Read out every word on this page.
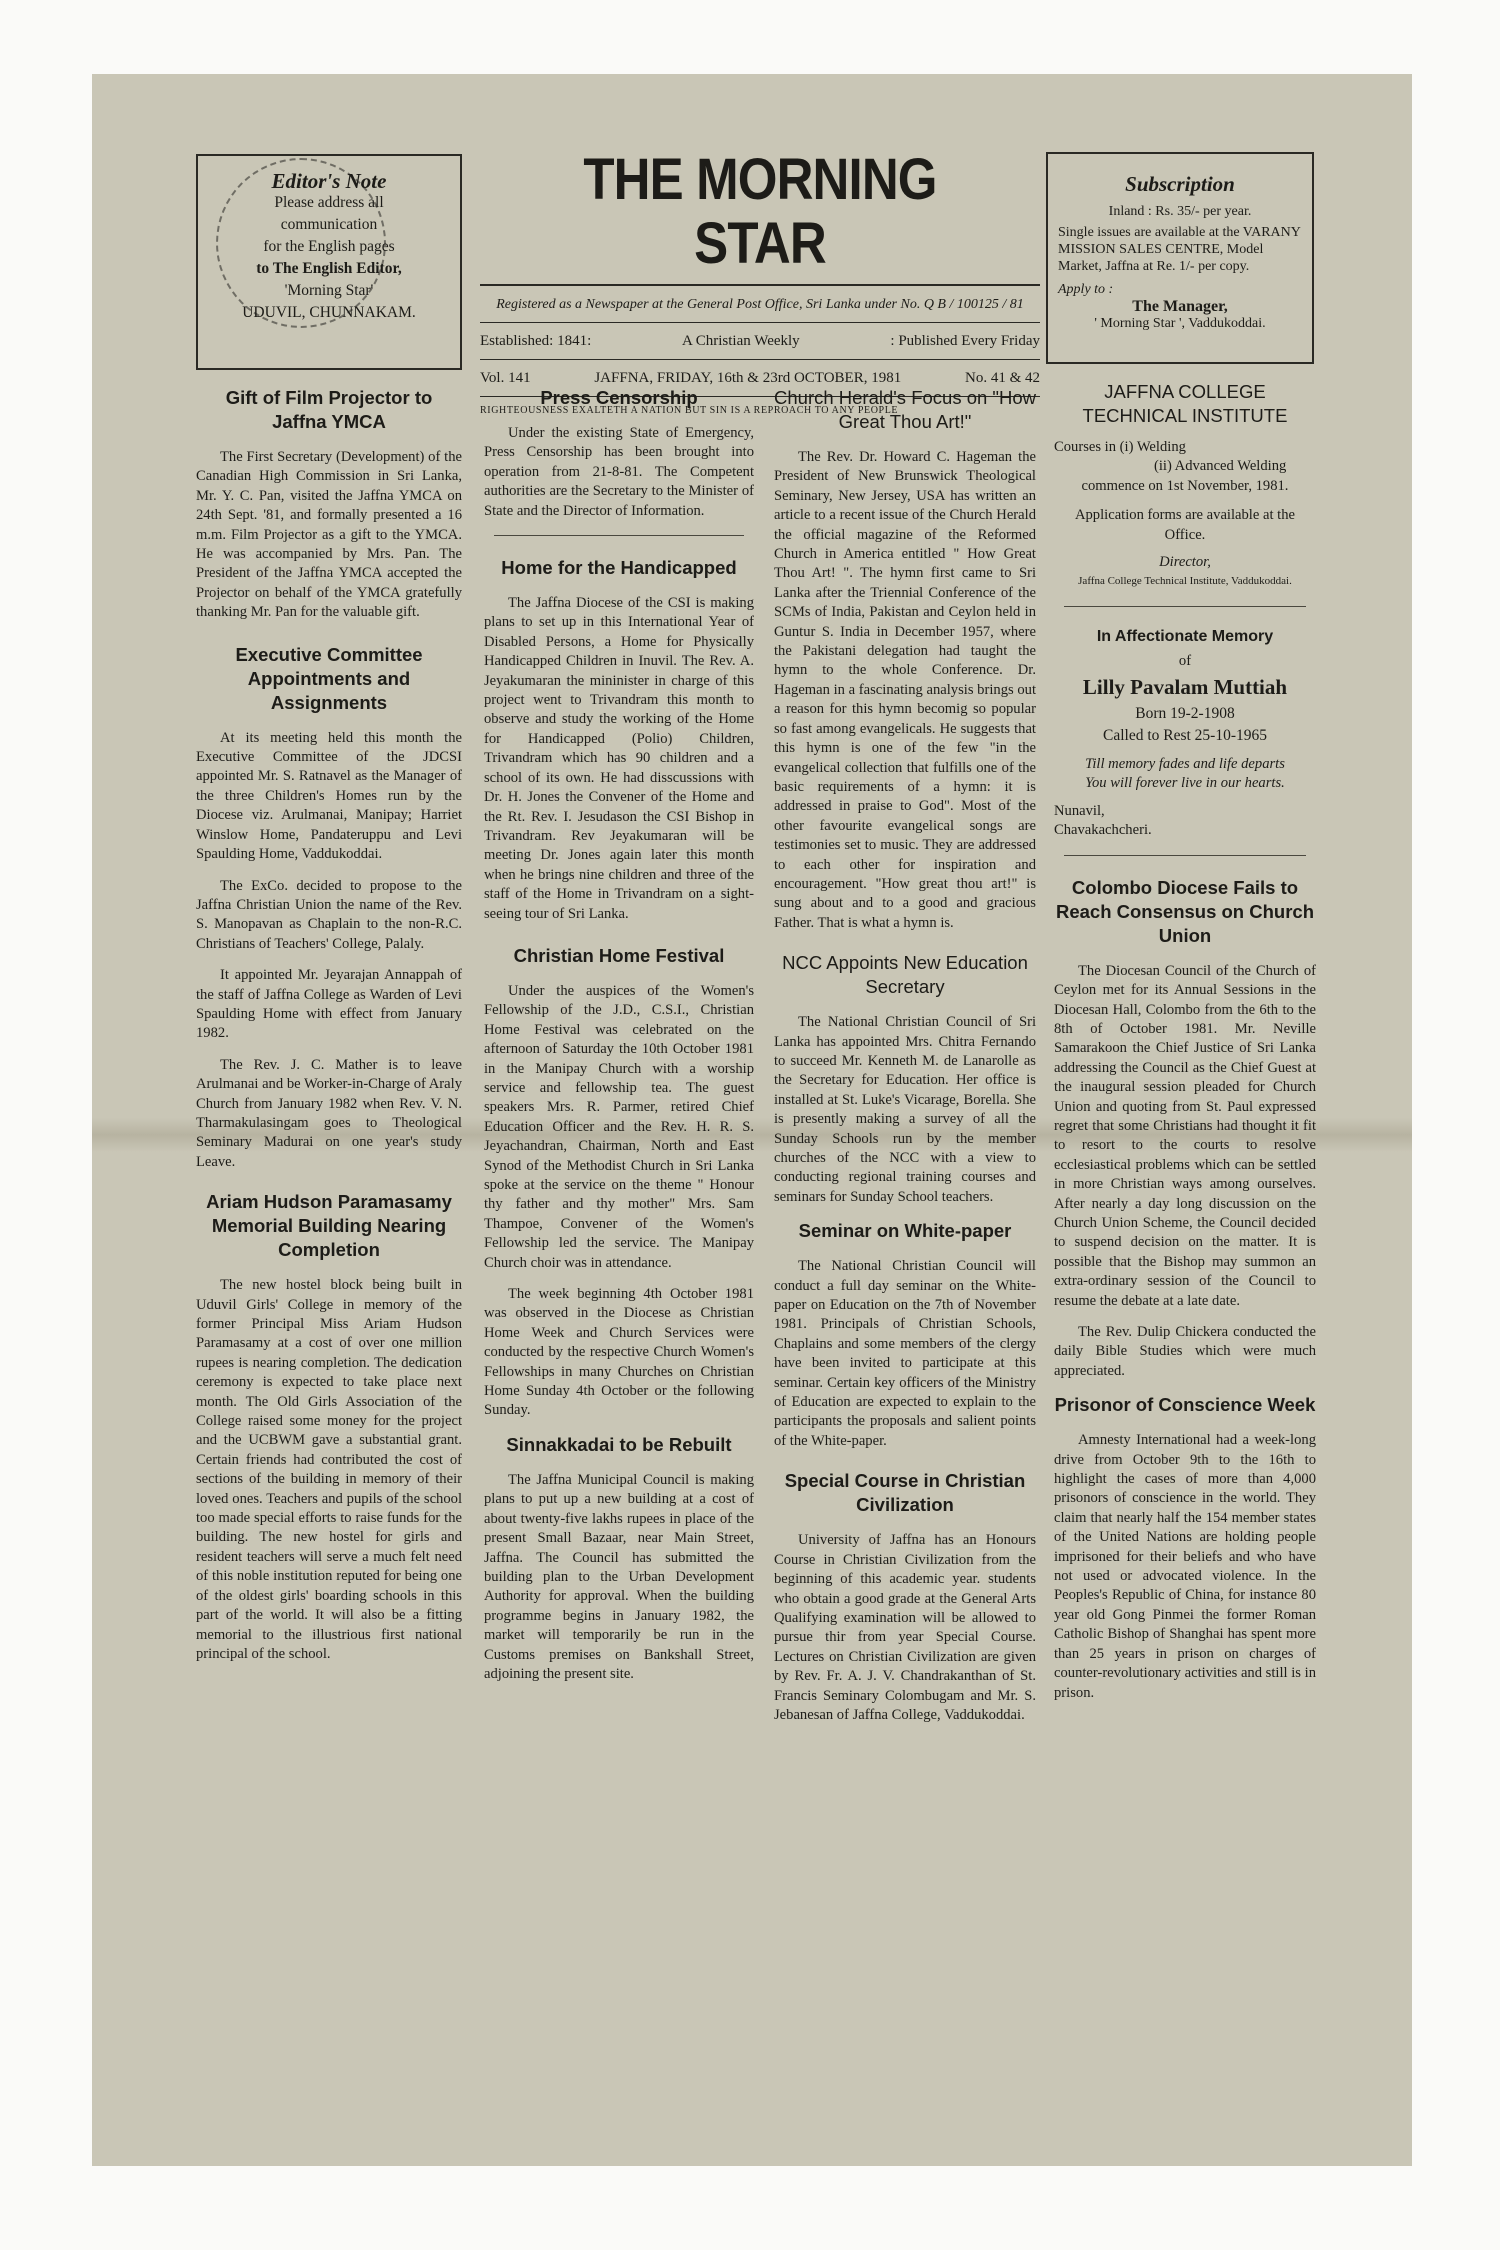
Editor's Note
Please address all
communication
for the English pages
to The English Editor,
'Morning Star'
UDUVIL, CHUNNAKAM.
THE MORNING STAR
Registered as a Newspaper at the General Post Office, Sri Lanka under No. Q B / 100125 / 81
Established: 1841:	A Christian Weekly	: Published Every Friday
Vol. 141	JAFFNA, FRIDAY, 16th & 23rd OCTOBER, 1981	No. 41 & 42
RIGHTEOUSNESS EXALTETH A NATION BUT SIN IS A REPROACH TO ANY PEOPLE
Subscription
Inland : Rs. 35/- per year.
Single issues are available at the VARANY MISSION SALES CENTRE, Model Market, Jaffna at Re. 1/- per copy.
Apply to :
The Manager,
' Morning Star ', Vaddukoddai.
Gift of Film Projector to Jaffna YMCA

The First Secretary (Development) of the Canadian High Commission in Sri Lanka, Mr. Y. C. Pan, visited the Jaffna YMCA on 24th Sept. '81, and formally presented a 16 m.m. Film Projector as a gift to the YMCA. He was accompanied by Mrs. Pan. The President of the Jaffna YMCA accepted the Projector on behalf of the YMCA gratefully thanking Mr. Pan for the valuable gift.

Executive Committee Appointments and Assignments

At its meeting held this month the Executive Committee of the JDCSI appointed Mr. S. Ratnavel as the Manager of the three Children's Homes run by the Diocese viz. Arulmanai, Manipay; Harriet Winslow Home, Pandateruppu and Levi Spaulding Home, Vaddukoddai.

The ExCo. decided to propose to the Jaffna Christian Union the name of the Rev. S. Manopavan as Chaplain to the non-R.C. Christians of Teachers' College, Palaly.

It appointed Mr. Jeyarajan Annappah of the staff of Jaffna College as Warden of Levi Spaulding Home with effect from January 1982.

The Rev. J. C. Mather is to leave Arulmanai and be Worker-in-Charge of Araly Church from January 1982 when Rev. V. N. Tharmakulasingam goes to Theological Seminary Madurai on one year's study Leave.

Ariam Hudson Paramasamy Memorial Building Nearing Completion

The new hostel block being built in Uduvil Girls' College in memory of the former Principal Miss Ariam Hudson Paramasamy at a cost of over one million rupees is nearing completion. The dedication ceremony is expected to take place next month. The Old Girls Association of the College raised some money for the project and the UCBWM gave a substantial grant. Certain friends had contributed the cost of sections of the building in memory of their loved ones. Teachers and pupils of the school too made special efforts to raise funds for the building. The new hostel for girls and resident teachers will serve a much felt need of this noble institution reputed for being one of the oldest girls' boarding schools in this part of the world. It will also be a fitting memorial to the illustrious first national principal of the school.

Press Censorship

Under the existing State of Emergency, Press Censorship has been brought into operation from 21-8-81. The Competent authorities are the Secretary to the Minister of State and the Director of Information.

Home for the Handicapped

The Jaffna Diocese of the CSI is making plans to set up in this International Year of Disabled Persons, a Home for Physically Handicapped Children in Inuvil. The Rev. A. Jeyakumaran the mininister in charge of this project went to Trivandram this month to observe and study the working of the Home for Handicapped (Polio) Children, Trivandram which has 90 children and a school of its own. He had disscussions with Dr. H. Jones the Convener of the Home and the Rt. Rev. I. Jesudason the CSI Bishop in Trivandram. Rev Jeyakumaran will be meeting Dr. Jones again later this month when he brings nine children and three of the staff of the Home in Trivandram on a sight-seeing tour of Sri Lanka.

Christian Home Festival

Under the auspices of the Women's Fellowship of the J.D., C.S.I., Christian Home Festival was celebrated on the afternoon of Saturday the 10th October 1981 in the Manipay Church with a worship service and fellowship tea. The guest speakers Mrs. R. Parmer, retired Chief Education Officer and the Rev. H. R. S. Jeyachandran, Chairman, North and East Synod of the Methodist Church in Sri Lanka spoke at the service on the theme " Honour thy father and thy mother" Mrs. Sam Thampoe, Convener of the Women's Fellowship led the service. The Manipay Church choir was in attendance.

The week beginning 4th October 1981 was observed in the Diocese as Christian Home Week and Church Services were conducted by the respective Church Women's Fellowships in many Churches on Christian Home Sunday 4th October or the following Sunday.

Sinnakkadai to be Rebuilt

The Jaffna Municipal Council is making plans to put up a new building at a cost of about twenty-five lakhs rupees in place of the present Small Bazaar, near Main Street, Jaffna. The Council has submitted the building plan to the Urban Development Authority for approval. When the building programme begins in January 1982, the market will temporarily be run in the Customs premises on Bankshall Street, adjoining the present site.

Church Herald's Focus on "How Great Thou Art!"

The Rev. Dr. Howard C. Hageman the President of New Brunswick Theological Seminary, New Jersey, USA has written an article to a recent issue of the Church Herald the official magazine of the Reformed Church in America entitled " How Great Thou Art! ". The hymn first came to Sri Lanka after the Triennial Conference of the SCMs of India, Pakistan and Ceylon held in Guntur S. India in December 1957, where the Pakistani delegation had taught the hymn to the whole Conference. Dr. Hageman in a fascinating analysis brings out a reason for this hymn becomig so popular so fast among evangelicals. He suggests that this hymn is one of the few "in the evangelical collection that fulfills one of the basic requirements of a hymn: it is addressed in praise to God". Most of the other favourite evangelical songs are testimonies set to music. They are addressed to each other for inspiration and encouragement. "How great thou art!" is sung about and to a good and gracious Father. That is what a hymn is.

NCC Appoints New Education Secretary

The National Christian Council of Sri Lanka has appointed Mrs. Chitra Fernando to succeed Mr. Kenneth M. de Lanarolle as the Secretary for Education. Her office is installed at St. Luke's Vicarage, Borella. She is presently making a survey of all the Sunday Schools run by the member churches of the NCC with a view to conducting regional training courses and seminars for Sunday School teachers.

Seminar on White-paper

The National Christian Council will conduct a full day seminar on the White-paper on Education on the 7th of November 1981. Principals of Christian Schools, Chaplains and some members of the clergy have been invited to participate at this seminar. Certain key officers of the Ministry of Education are expected to explain to the participants the proposals and salient points of the White-paper.

Special Course in Christian Civilization

University of Jaffna has an Honours Course in Christian Civilization from the beginning of this academic year. students who obtain a good grade at the General Arts Qualifying examination will be allowed to pursue thir from year Special Course. Lectures on Christian Civilization are given by Rev. Fr. A. J. V. Chandrakanthan of St. Francis Seminary Colombugam and Mr. S. Jebanesan of Jaffna College, Vaddukoddai.

JAFFNA COLLEGE TECHNICAL INSTITUTE
Courses in (i) Welding
(ii) Advanced Welding
commence on 1st November, 1981.
Application forms are available at the Office.
Director,
Jaffna College Technical Institute, Vaddukoddai.
In Affectionate Memory
of
Lilly Pavalam Muttiah
Born 19-2-1908
Called to Rest 25-10-1965
Till memory fades and life departs
You will forever live in our hearts.
Nunavil,
Chavakachcheri.
Colombo Diocese Fails to Reach Consensus on Church Union

The Diocesan Council of the Church of Ceylon met for its Annual Sessions in the Diocesan Hall, Colombo from the 6th to the 8th of October 1981. Mr. Neville Samarakoon the Chief Justice of Sri Lanka addressing the Council as the Chief Guest at the inaugural session pleaded for Church Union and quoting from St. Paul expressed regret that some Christians had thought it fit to resort to the courts to resolve ecclesiastical problems which can be settled in more Christian ways among ourselves. After nearly a day long discussion on the Church Union Scheme, the Council decided to suspend decision on the matter. It is possible that the Bishop may summon an extra-ordinary session of the Council to resume the debate at a late date.

The Rev. Dulip Chickera conducted the daily Bible Studies which were much appreciated.

Prisonor of Conscience Week

Amnesty International had a week-long drive from October 9th to the 16th to highlight the cases of more than 4,000 prisonors of conscience in the world. They claim that nearly half the 154 member states of the United Nations are holding people imprisoned for their beliefs and who have not used or advocated violence. In the Peoples's Republic of China, for instance 80 year old Gong Pinmei the former Roman Catholic Bishop of Shanghai has spent more than 25 years in prison on charges of counter-revolutionary activities and still is in prison.
